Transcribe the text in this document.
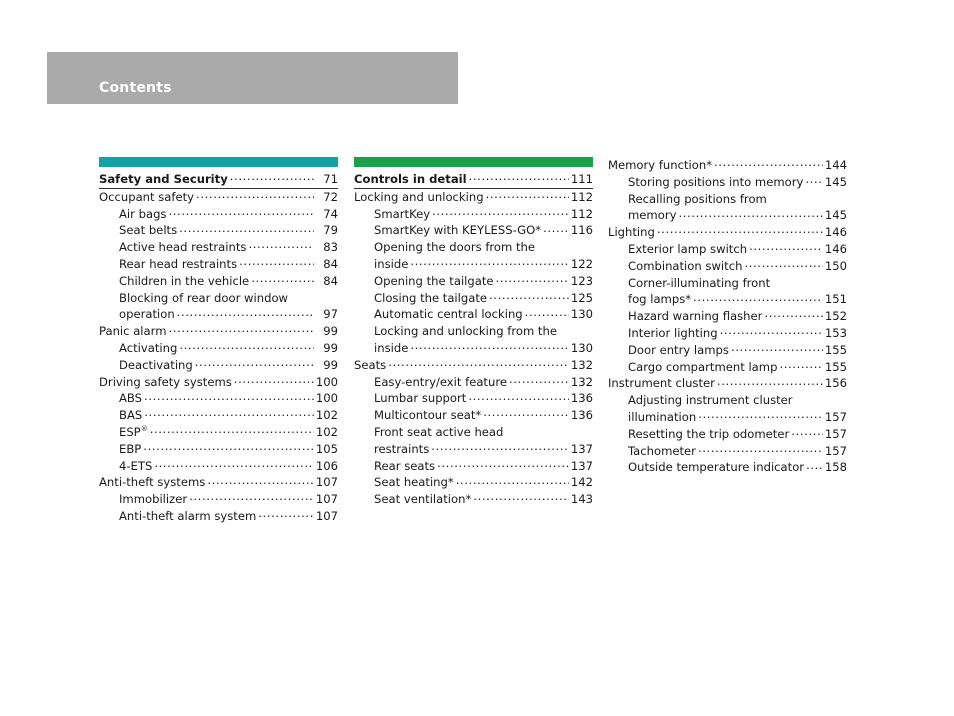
Contents
Safety and Security .....	71
Occupant safety .....	72
Air bags .....	74
Seat belts .....	79
Active head restraints .....	83
Rear head restraints .....	84
Children in the vehicle .....	84
Blocking of rear door window
operation .....	97
Panic alarm .....	99
Activating .....	99
Deactivating .....	99
Driving safety systems .....	100
ABS .....	100
BAS .....	102
ESP® .....	102
EBP .....	105
4-ETS .....	106
Anti-theft systems .....	107
Immobilizer .....	107
Anti-theft alarm system .....	107
Controls in detail .....	111
Locking and unlocking .....	112
SmartKey .....	112
SmartKey with KEYLESS-GO* .....	116
Opening the doors from the
inside .....	122
Opening the tailgate .....	123
Closing the tailgate .....	125
Automatic central locking .....	130
Locking and unlocking from the
inside .....	130
Seats .....	132
Easy-entry/exit feature .....	132
Lumbar support .....	136
Multicontour seat* .....	136
Front seat active head
restraints .....	137
Rear seats .....	137
Seat heating* .....	142
Seat ventilation* .....	143
Memory function* .....	144
Storing positions into memory ..... 145
Recalling positions from
memory .....	145
Lighting .....	146
Exterior lamp switch .....	146
Combination switch .....	150
Corner-illuminating front
fog lamps* .....	151
Hazard warning flasher .....	152
Interior lighting .....	153
Door entry lamps .....	155
Cargo compartment lamp .....	155
Instrument cluster .....	156
Adjusting instrument cluster
illumination .....	157
Resetting the trip odometer .....	157
Tachometer .....	157
Outside temperature indicator ..... 158
